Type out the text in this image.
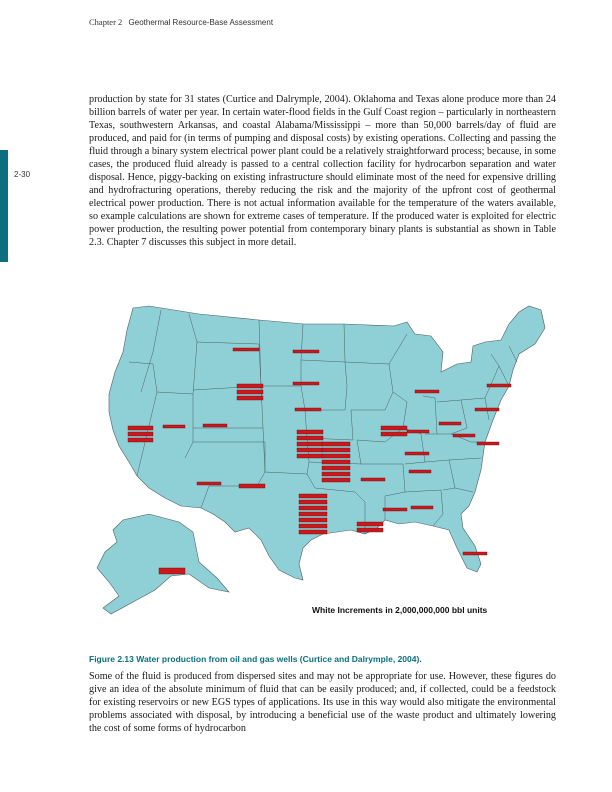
Chapter 2 Geothermal Resource-Base Assessment
2-30

production by state for 31 states (Curtice and Dalrymple, 2004). Oklahoma and Texas alone produce more than 24 billion barrels of water per year. In certain water-flood fields in the Gulf Coast region – particularly in northeastern Texas, southwestern Arkansas, and coastal Alabama/Mississippi – more than 50,000 barrels/day of fluid are produced, and paid for (in terms of pumping and disposal costs) by existing operations. Collecting and passing the fluid through a binary system electrical power plant could be a relatively straightforward process; because, in some cases, the produced fluid already is passed to a central collection facility for hydrocarbon separation and water disposal. Hence, piggy-backing on existing infrastructure should eliminate most of the need for expensive drilling and hydrofracturing operations, thereby reducing the risk and the majority of the upfront cost of geothermal electrical power production. There is not actual information available for the temperature of the waters available, so example calculations are shown for extreme cases of temperature. If the produced water is exploited for electric power production, the resulting power potential from contemporary binary plants is substantial as shown in Table 2.3. Chapter 7 discusses this subject in more detail.

White Increments in 2,000,000,000 bbl units
Figure 2.13 Water production from oil and gas wells (Curtice and Dalrymple, 2004).

Some of the fluid is produced from dispersed sites and may not be appropriate for use. However, these figures do give an idea of the absolute minimum of fluid that can be easily produced; and, if collected, could be a feedstock for existing reservoirs or new EGS types of applications. Its use in this way would also mitigate the environmental problems associated with disposal, by introducing a beneficial use of the waste product and ultimately lowering the cost of some forms of hydrocarbon
